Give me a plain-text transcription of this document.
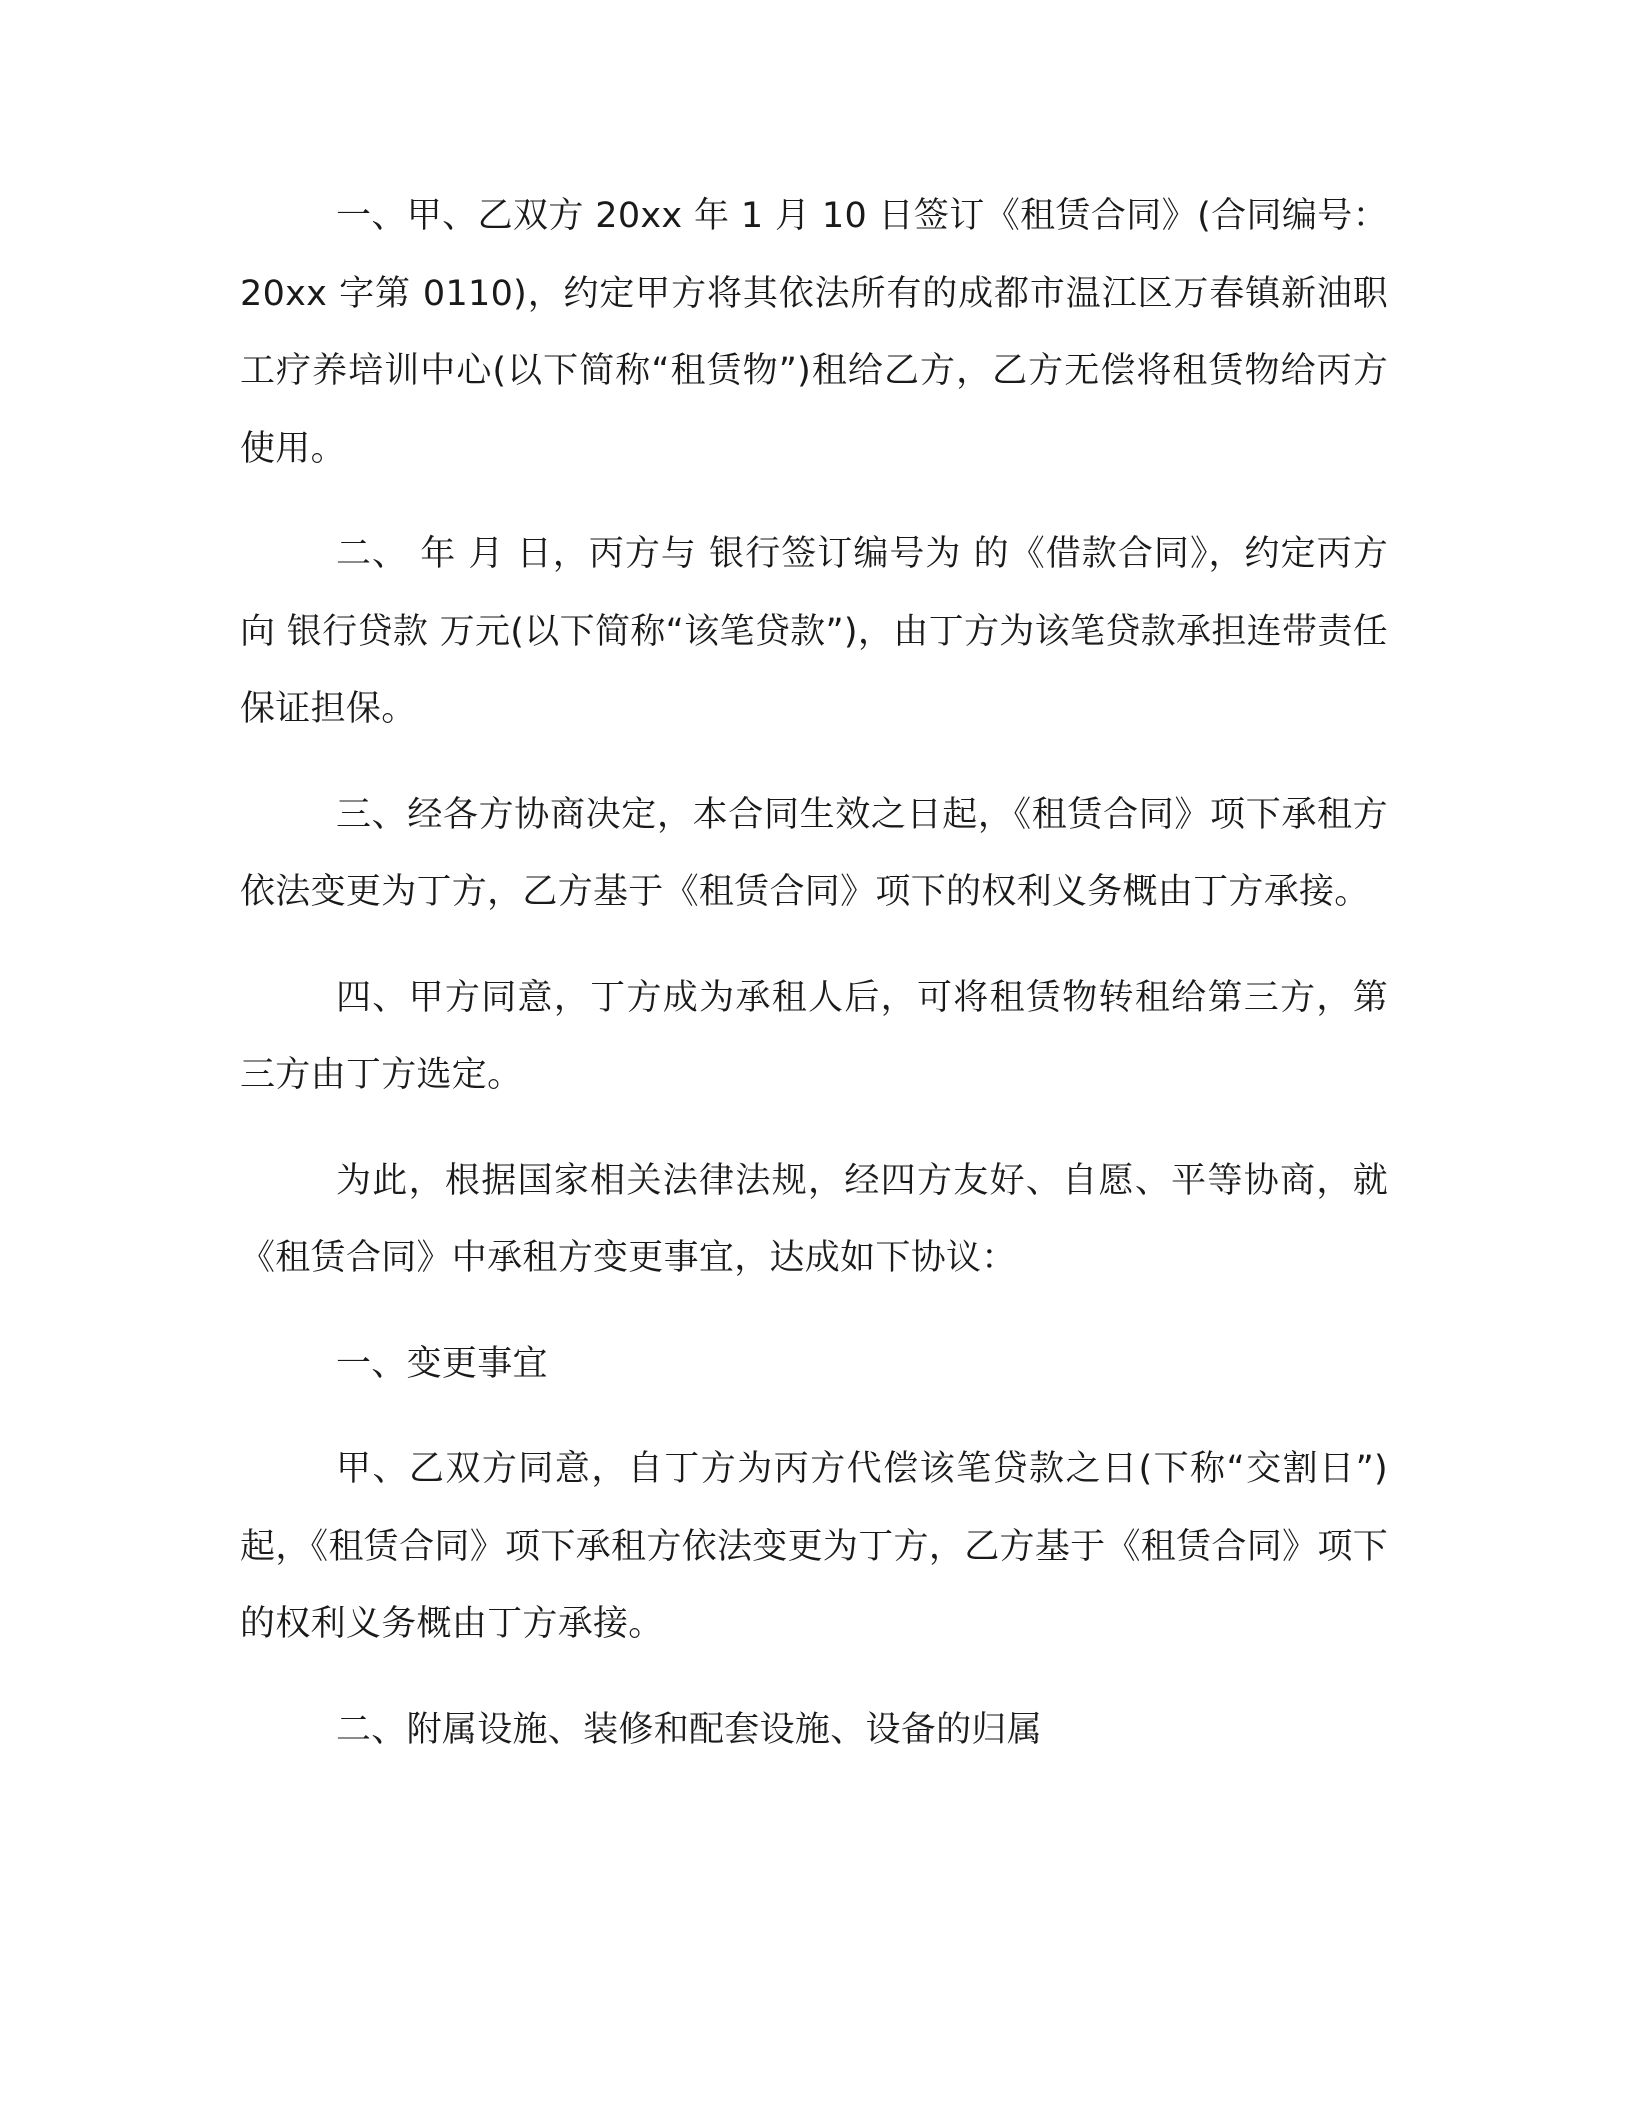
一、甲、乙双方 20xx 年 1 月 10 日签订《租赁合同》(合同编号：20xx 字第 0110)，约定甲方将其依法所有的成都市温江区万春镇新油职工疗养培训中心(以下简称“租赁物”)租给乙方，乙方无偿将租赁物给丙方使用。

二、 年 月 日，丙方与 银行签订编号为 的《借款合同》，约定丙方向 银行贷款 万元(以下简称“该笔贷款”)，由丁方为该笔贷款承担连带责任保证担保。

三、经各方协商决定，本合同生效之日起，《租赁合同》项下承租方依法变更为丁方，乙方基于《租赁合同》项下的权利义务概由丁方承接。

四、甲方同意，丁方成为承租人后，可将租赁物转租给第三方，第三方由丁方选定。

为此，根据国家相关法律法规，经四方友好、自愿、平等协商，就《租赁合同》中承租方变更事宜，达成如下协议：

一、变更事宜

甲、乙双方同意，自丁方为丙方代偿该笔贷款之日(下称“交割日”)起，《租赁合同》项下承租方依法变更为丁方，乙方基于《租赁合同》项下的权利义务概由丁方承接。

二、附属设施、装修和配套设施、设备的归属
